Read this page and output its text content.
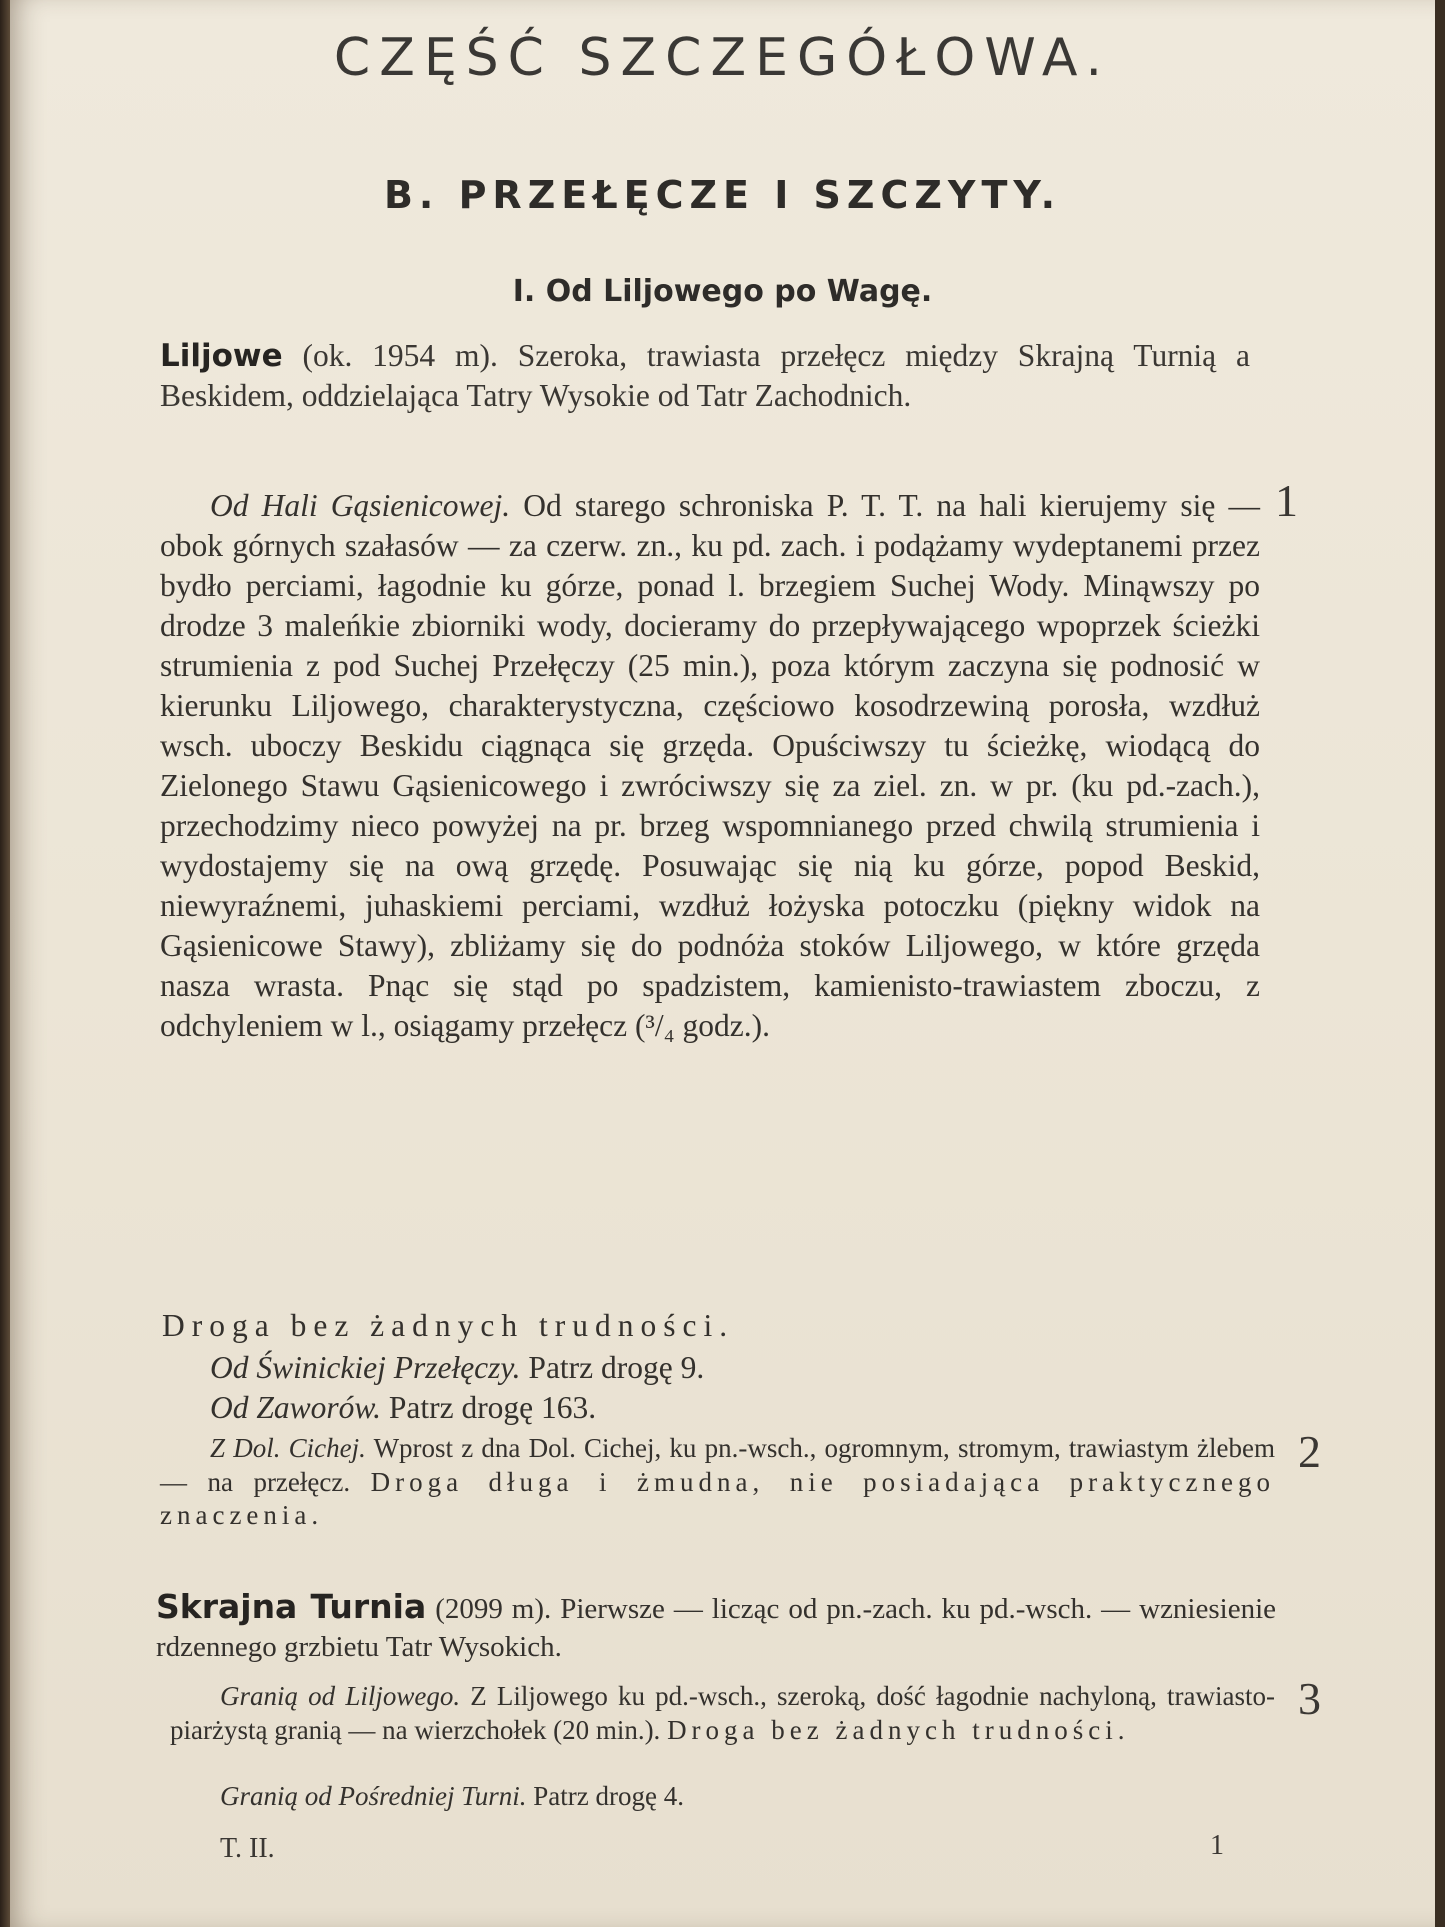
CZĘŚĆ SZCZEGÓŁOWA.
B. PRZEŁĘCZE I SZCZYTY.
I. Od Liljowego po Wagę.
Liljowe (ok. 1954 m). Szeroka, trawiasta przełęcz między Skrajną Turnią a Beskidem, oddzielająca Tatry Wysokie od Tatr Zachodnich.
1
Od Hali Gąsienicowej. Od starego schroniska P. T. T. na hali kierujemy się — obok górnych szałasów — za czerw. zn., ku pd. zach. i podążamy wydeptanemi przez bydło perciami, łagodnie ku górze, ponad l. brzegiem Suchej Wody. Minąwszy po drodze 3 maleńkie zbiorniki wody, docieramy do przepływającego wpoprzek ścieżki strumienia z pod Suchej Przełęczy (25 min.), poza którym zaczyna się podnosić w kierunku Liljowego, charakterystyczna, częściowo kosodrzewiną porosła, wzdłuż wsch. uboczy Beskidu ciągnąca się grzęda. Opuściwszy tu ścieżkę, wiodącą do Zielonego Stawu Gąsienicowego i zwróciwszy się za ziel. zn. w pr. (ku pd.-zach.), przechodzimy nieco powyżej na pr. brzeg wspomnianego przed chwilą strumienia i wydostajemy się na ową grzędę. Posuwając się nią ku górze, popod Beskid, niewyraźnemi, juhaskiemi perciami, wzdłuż łożyska potoczku (piękny widok na Gąsienicowe Stawy), zbliżamy się do podnóża stoków Liljowego, w które grzęda nasza wrasta. Pnąc się stąd po spadzistem, kamienisto-trawiastem zboczu, z odchyleniem w l., osiągamy przełęcz (³/₄ godz.).
Droga bez żadnych trudności.
Od Świnickiej Przełęczy. Patrz drogę 9.
Od Zaworów. Patrz drogę 163.
2
Z Dol. Cichej. Wprost z dna Dol. Cichej, ku pn.-wsch., ogromnym, stromym, trawiastym żlebem — na przełęcz. Droga długa i żmudna, nie posiadająca praktycznego znaczenia.
Skrajna Turnia (2099 m). Pierwsze — licząc od pn.-zach. ku pd.-wsch. — wzniesienie rdzennego grzbietu Tatr Wysokich.
3
Granią od Liljowego. Z Liljowego ku pd.-wsch., szeroką, dość łagodnie nachyloną, trawiasto-piarżystą granią — na wierzchołek (20 min.). Droga bez żadnych trudności.
Granią od Pośredniej Turni. Patrz drogę 4.
T. II.	1
